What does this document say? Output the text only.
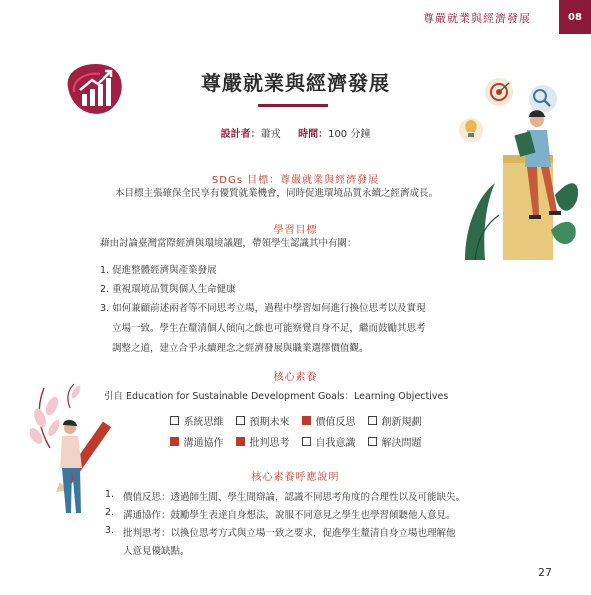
尊嚴就業與經濟發展	08
尊嚴就業與經濟發展
設計者：蕭戎 時間：100 分鐘
SDGs 目標：尊嚴就業與經濟發展
本目標主張確保全民享有優質就業機會，同時促進環境品質永續之經濟成長。
學習目標
藉由討論臺灣當際經濟與環境議題，帶領學生認識其中有關：
1. 促進整體經濟與產業發展
2. 重視環境品質與個人生命健康
3. 如何兼顧前述兩者等不同思考立場，過程中學習如何進行換位思考以及實現
立場一致。學生在釐清個人傾向之餘也可能察覺自身不足，繼而鼓勵其思考
調整之道，建立合乎永續理念之經濟發展與職業選擇價值觀。
核心素養
引自 Education for Sustainable Development Goals：Learning Objectives
系統思維	預期未來	價值反思	創新規劃
溝通協作	批判思考	自我意識	解決問題
核心素養呼應說明
1. 價值反思：透過師生間、學生間辯論，認識不同思考角度的合理性以及可能缺失。
2. 溝通協作：鼓勵學生表達自身想法，說服不同意見之學生也學習傾聽他人意見。
3. 批判思考：以換位思考方式與立場一致之要求，促進學生釐清自身立場也理解他
人意見優缺點。
27
